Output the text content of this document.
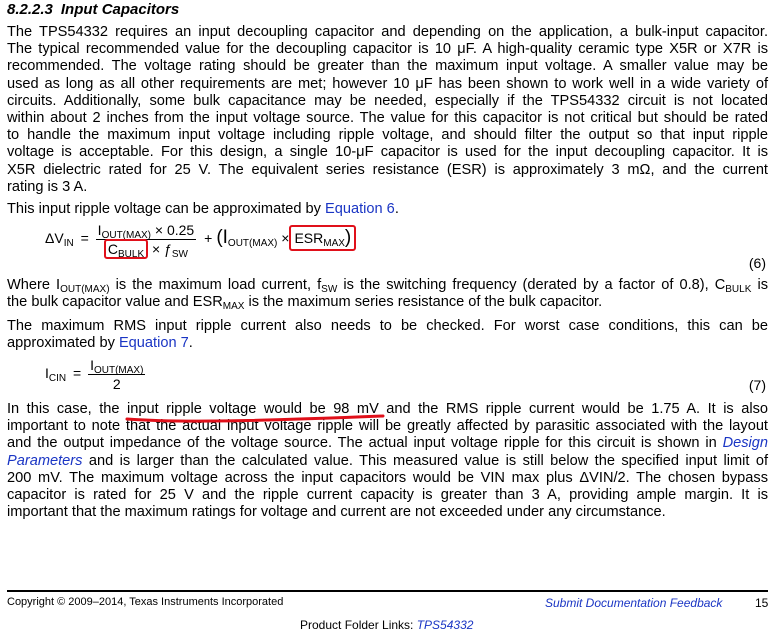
8.2.2.3 Input Capacitors
The TPS54332 requires an input decoupling capacitor and depending on the application, a bulk-input capacitor.
The typical recommended value for the decoupling capacitor is 10 μF. A high-quality ceramic type X5R or X7R is
recommended. The voltage rating should be greater than the maximum input voltage. A smaller value may be
used as long as all other requirements are met; however 10 μF has been shown to work well in a wide variety of
circuits. Additionally, some bulk capacitance may be needed, especially if the TPS54332 circuit is not located
within about 2 inches from the input voltage source. The value for this capacitor is not critical but should be rated
to handle the maximum input voltage including ripple voltage, and should filter the output so that input ripple
voltage is acceptable. For this design, a single 10-μF capacitor is used for the input decoupling capacitor. It is
X5R dielectric rated for 25 V. The equivalent series resistance (ESR) is approximately 3 mΩ, and the current
rating is 3 A.
This input ripple voltage can be approximated by Equation 6.
$\Delta V_{IN} = \frac{I_{OUT(MAX)} \times 0.25}{C_{BULK} \times ƒ_{SW}} + (I_{OUT(MAX)} \times ESR_{MAX})$
(6)
Where $I_{OUT(MAX)}$ is the maximum load current, $f_{SW}$ is the switching frequency (derated by a factor of 0.8), $C_{BULK}$ is
the bulk capacitor value and $ESR_{MAX}$ is the maximum series resistance of the bulk capacitor.
The maximum RMS input ripple current also needs to be checked. For worst case conditions, this can be
approximated by Equation 7.
$I_{CIN} = \frac{I_{OUT(MAX)}}{2}$	(7)
In this case, the input ripple voltage would be 98 mV and the RMS ripple current would be 1.75 A. It is also
important to note that the actual input voltage ripple will be greatly affected by parasitic associated with the layout
and the output impedance of the voltage source. The actual input voltage ripple for this circuit is shown in Design
Parameters and is larger than the calculated value. This measured value is still below the specified input limit of
200 mV. The maximum voltage across the input capacitors would be VIN max plus ΔVIN/2. The chosen bypass
capacitor is rated for 25 V and the ripple current capacity is greater than 3 A, providing ample margin. It is
important that the maximum ratings for voltage and current are not exceeded under any circumstance.
Copyright © 2009–2014, Texas Instruments Incorporated	Submit Documentation Feedback	15
Product Folder Links: TPS54332
